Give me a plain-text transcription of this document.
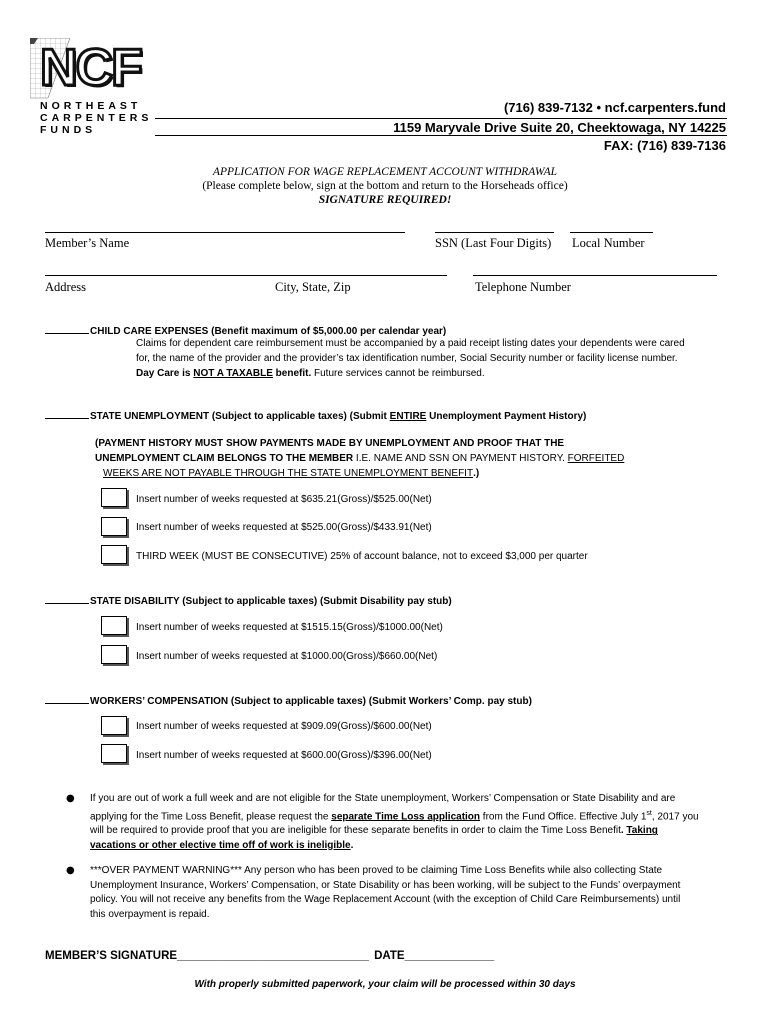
NCF
NORTHEAST
CARPENTERS
FUNDS
(716) 839-7132 • ncf.carpenters.fund
1159 Maryvale Drive Suite 20, Cheektowaga, NY 14225
FAX: (716) 839-7136
APPLICATION FOR WAGE REPLACEMENT ACCOUNT WITHDRAWAL
(Please complete below, sign at the bottom and return to the Horseheads office)
SIGNATURE REQUIRED!
Member’s Name	SSN (Last Four Digits) Local Number
Address	City, State, Zip	Telephone Number
CHILD CARE EXPENSES (Benefit maximum of $5,000.00 per calendar year)
Claims for dependent care reimbursement must be accompanied by a paid receipt listing dates your dependents were cared
for, the name of the provider and the provider’s tax identification number, Social Security number or facility license number.
Day Care is NOT A TAXABLE benefit. Future services cannot be reimbursed.
STATE UNEMPLOYMENT (Subject to applicable taxes) (Submit ENTIRE Unemployment Payment History)
(PAYMENT HISTORY MUST SHOW PAYMENTS MADE BY UNEMPLOYMENT AND PROOF THAT THE
UNEMPLOYMENT CLAIM BELONGS TO THE MEMBER I.E. NAME AND SSN ON PAYMENT HISTORY. FORFEITED
WEEKS ARE NOT PAYABLE THROUGH THE STATE UNEMPLOYMENT BENEFIT.)
Insert number of weeks requested at $635.21(Gross)/$525.00(Net)
Insert number of weeks requested at $525.00(Gross)/$433.91(Net)
THIRD WEEK (MUST BE CONSECUTIVE) 25% of account balance, not to exceed $3,000 per quarter
STATE DISABILITY (Subject to applicable taxes) (Submit Disability pay stub)
Insert number of weeks requested at $1515.15(Gross)/$1000.00(Net)
Insert number of weeks requested at $1000.00(Gross)/$660.00(Net)
WORKERS’ COMPENSATION (Subject to applicable taxes) (Submit Workers’ Comp. pay stub)
Insert number of weeks requested at $909.09(Gross)/$600.00(Net)
Insert number of weeks requested at $600.00(Gross)/$396.00(Net)
● If you are out of work a full week and are not eligible for the State unemployment, Workers’ Compensation or State Disability and are
applying for the Time Loss Benefit, please request the separate Time Loss application from the Fund Office. Effective July 1st, 2017 you
will be required to provide proof that you are ineligible for these separate benefits in order to claim the Time Loss Benefit. Taking
vacations or other elective time off of work is ineligible.
● ***OVER PAYMENT WARNING*** Any person who has been proved to be claiming Time Loss Benefits while also collecting State
Unemployment Insurance, Workers’ Compensation, or State Disability or has been working, will be subject to the Funds’ overpayment
policy. You will not receive any benefits from the Wage Replacement Account (with the exception of Child Care Reimbursements) until
this overpayment is repaid.
MEMBER’S SIGNATURE______________________________ DATE______________
With properly submitted paperwork, your claim will be processed within 30 days
